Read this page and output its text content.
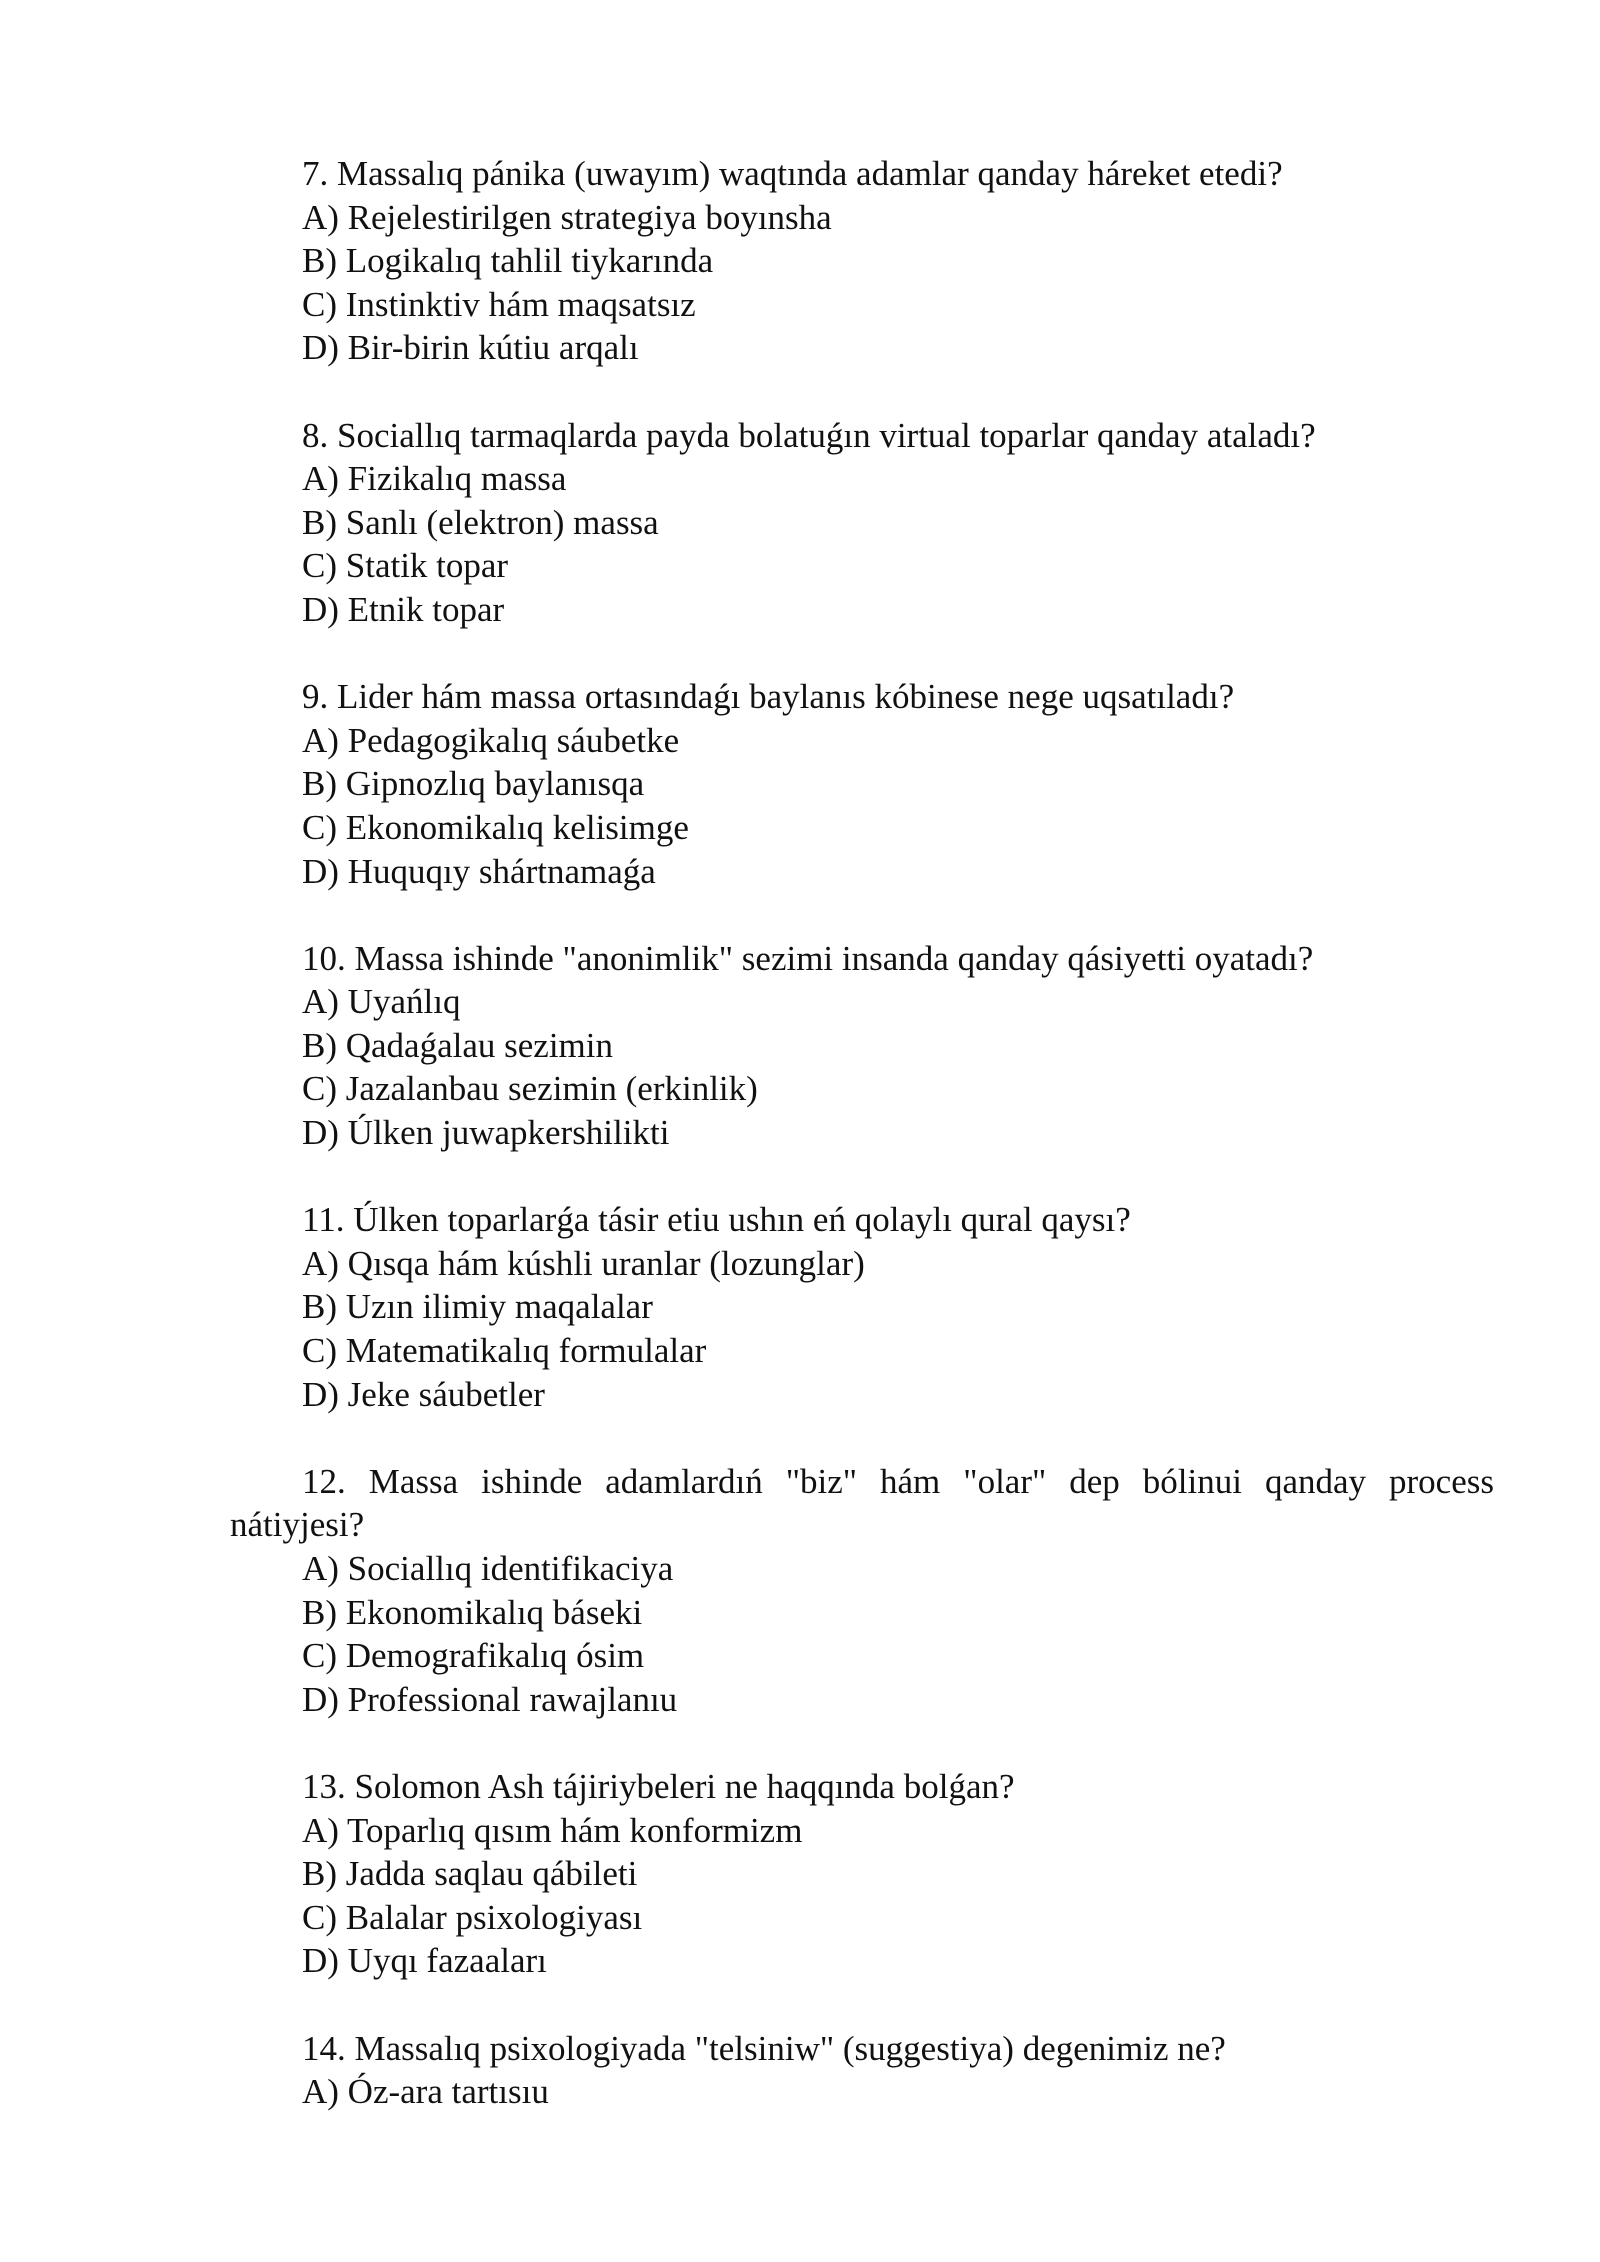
7. Massalıq pánika (uwayım) waqtında adamlar qanday háreket etedi?

A) Rejelestirilgen strategiya boyınsha

B) Logikalıq tahlil tiykarında

C) Instinktiv hám maqsatsız

D) Bir-birin kútiu arqalı

8. Sociallıq tarmaqlarda payda bolatuǵın virtual toparlar qanday ataladı?

A) Fizikalıq massa

B) Sanlı (elektron) massa

C) Statik topar

D) Etnik topar

9. Lider hám massa ortasındaǵı baylanıs kóbinese nege uqsatıladı?

A) Pedagogikalıq sáubetke

B) Gipnozlıq baylanısqa

C) Ekonomikalıq kelisimge

D) Huquqıy shártnamaǵa

10. Massa ishinde "anonimlik" sezimi insanda qanday qásiyetti oyatadı?

A) Uyańlıq

B) Qadaǵalau sezimin

C) Jazalanbau sezimin (erkinlik)

D) Úlken juwapkershilikti

11. Úlken toparlarǵa tásir etiu ushın eń qolaylı qural qaysı?

A) Qısqa hám kúshli uranlar (lozunglar)

B) Uzın ilimiy maqalalar

C) Matematikalıq formulalar

D) Jeke sáubetler

12. Massa ishinde adamlardıń "biz" hám "olar" dep bólinui qanday process nátiyjesi?

A) Sociallıq identifikaciya

B) Ekonomikalıq báseki

C) Demografikalıq ósim

D) Professional rawajlanıu

13. Solomon Ash tájiriybeleri ne haqqında bolǵan?

A) Toparlıq qısım hám konformizm

B) Jadda saqlau qábileti

C) Balalar psixologiyası

D) Uyqı fazaaları

14. Massalıq psixologiyada "telsiniw" (suggestiya) degenimiz ne?

A) Óz-ara tartısıu
